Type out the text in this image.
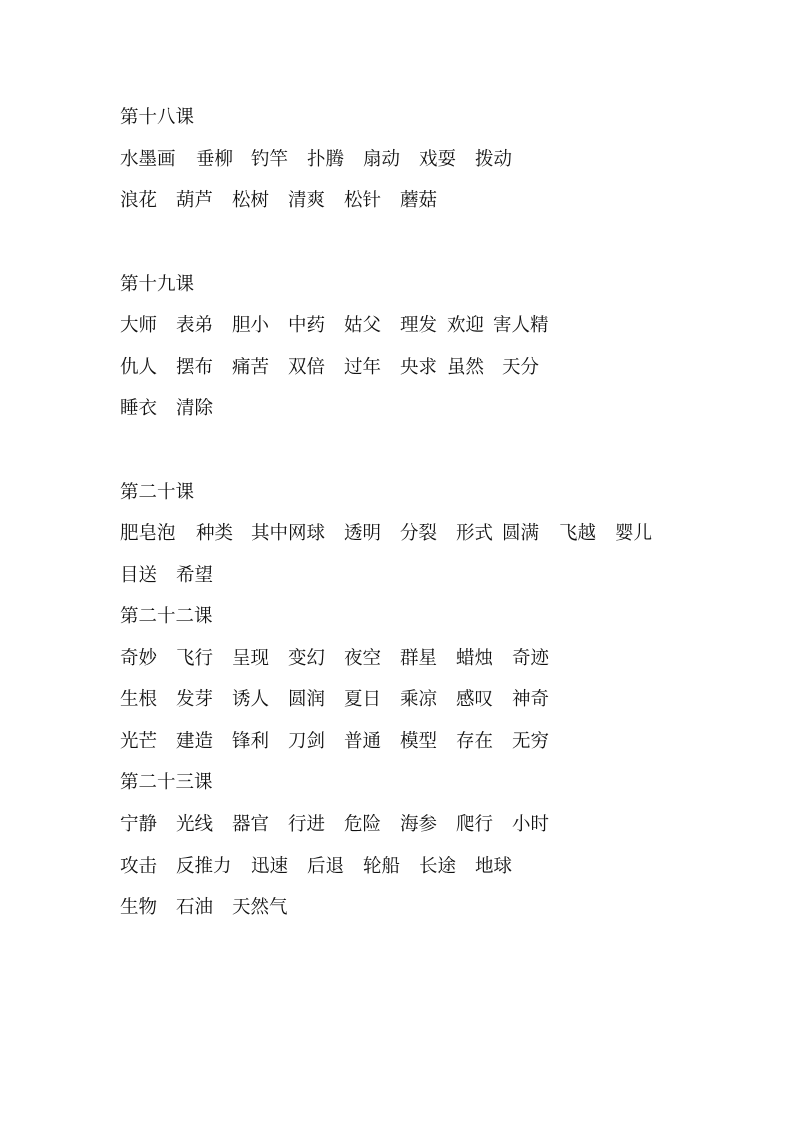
第十八课
水墨画 垂柳 钓竿 扑腾 扇动 戏耍 拨动
浪花 葫芦 松树 清爽 松针 蘑菇
第十九课
大师 表弟 胆小 中药 姑父 理发 欢迎 害人精
仇人 摆布 痛苦 双倍 过年 央求 虽然 天分
睡衣 清除
第二十课
肥皂泡 种类 其中网球 透明 分裂 形式 圆满 飞越 婴儿
目送 希望
第二十二课
奇妙 飞行 呈现 变幻 夜空 群星 蜡烛 奇迹
生根 发芽 诱人 圆润 夏日 乘凉 感叹 神奇
光芒 建造 锋利 刀剑 普通 模型 存在 无穷
第二十三课
宁静 光线 器官 行进 危险 海参 爬行 小时
攻击 反推力 迅速 后退 轮船 长途 地球
生物 石油 天然气
